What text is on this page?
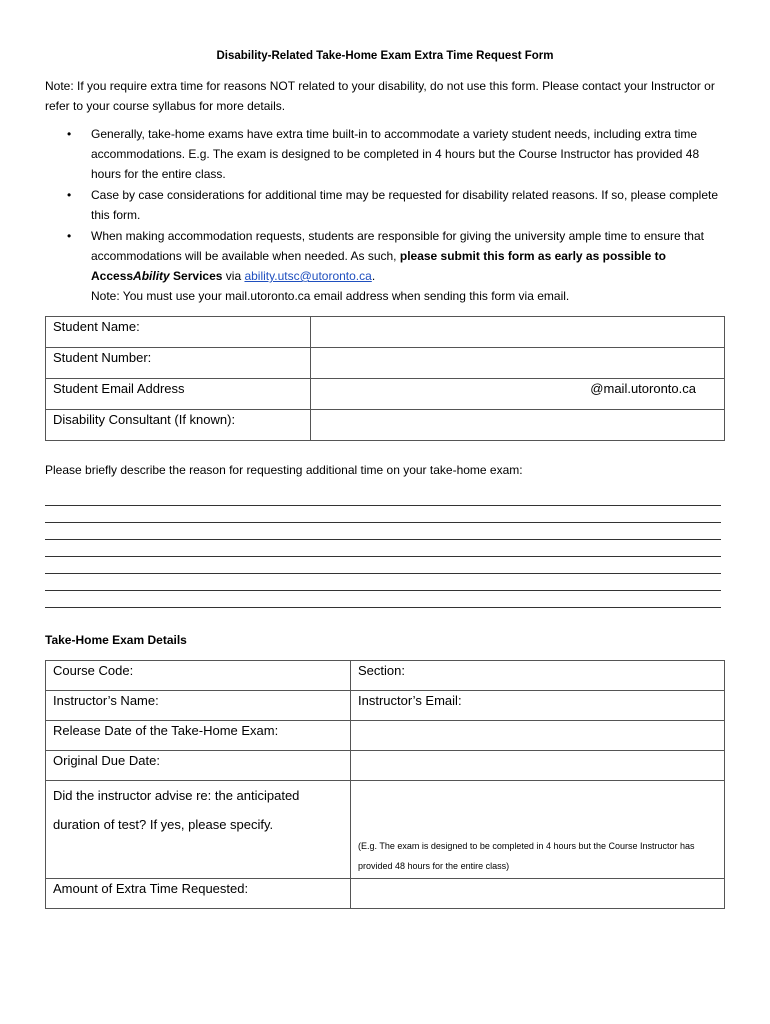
Disability-Related Take-Home Exam Extra Time Request Form
Note: If you require extra time for reasons NOT related to your disability, do not use this form. Please contact your Instructor or refer to your course syllabus for more details.
• Generally, take-home exams have extra time built-in to accommodate a variety student needs, including extra time accommodations. E.g. The exam is designed to be completed in 4 hours but the Course Instructor has provided 48 hours for the entire class.
• Case by case considerations for additional time may be requested for disability related reasons. If so, please complete this form.
• When making accommodation requests, students are responsible for giving the university ample time to ensure that accommodations will be available when needed. As such, please submit this form as early as possible to AccessAbility Services via ability.utsc@utoronto.ca.
Note: You must use your mail.utoronto.ca email address when sending this form via email.
Student Name:	
Student Number:	
Student Email Address	@mail.utoronto.ca
Disability Consultant (If known):	
Please briefly describe the reason for requesting additional time on your take-home exam:
Take-Home Exam Details
Course Code:	Section:
Instructor’s Name:	Instructor’s Email:
Release Date of the Take-Home Exam:	
Original Due Date:	
Did the instructor advise re: the anticipated duration of test? If yes, please specify.	(E.g. The exam is designed to be completed in 4 hours but the Course Instructor has provided 48 hours for the entire class)

Amount of Extra Time Requested:	
